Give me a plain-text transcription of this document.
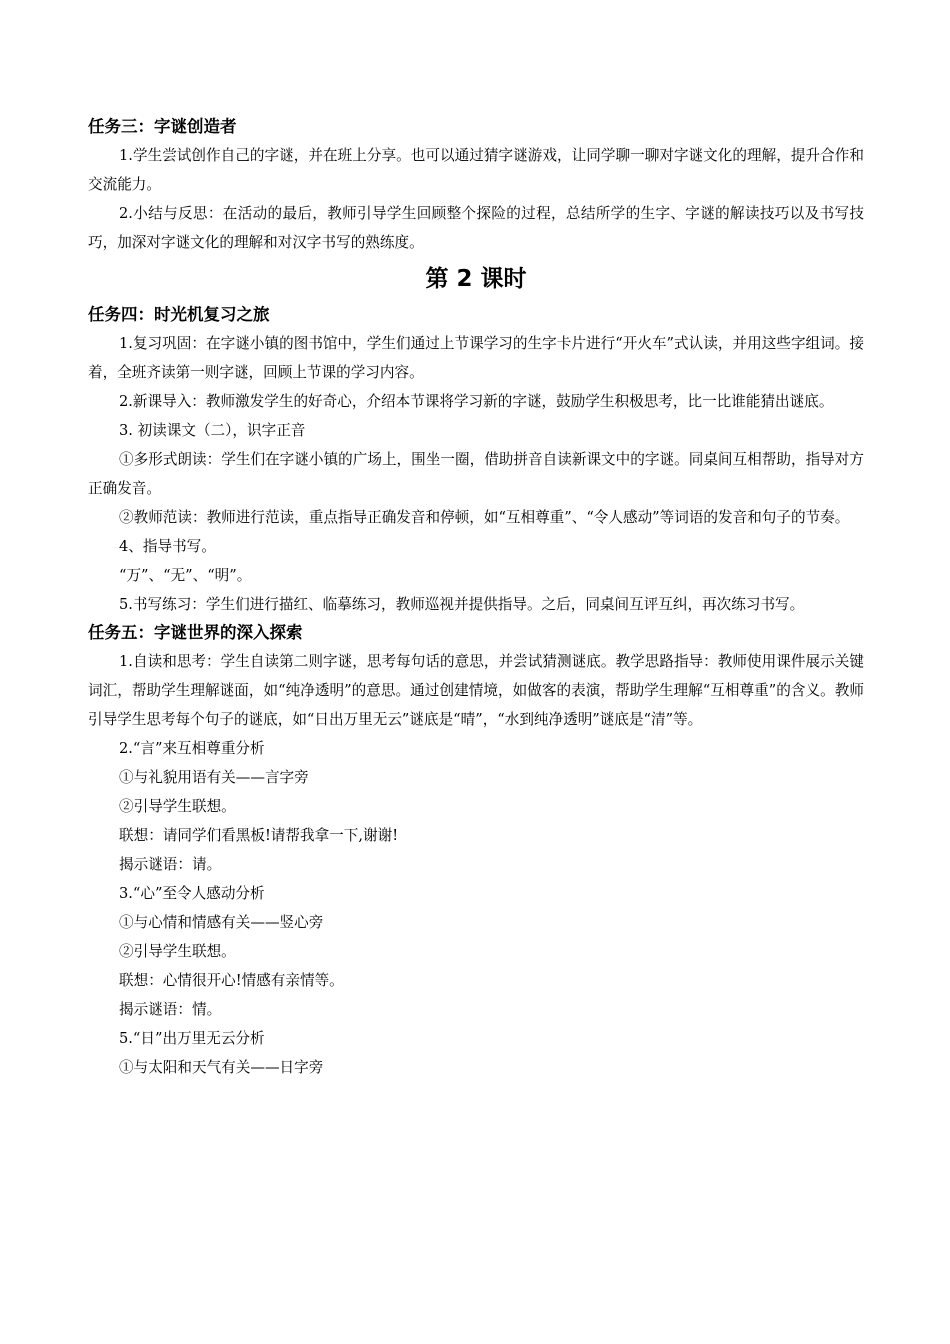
任务三：字谜创造者

1.学生尝试创作自己的字谜，并在班上分享。也可以通过猜字谜游戏，让同学聊一聊对字谜文化的理解，提升合作和交流能力。

2.小结与反思：在活动的最后，教师引导学生回顾整个探险的过程，总结所学的生字、字谜的解读技巧以及书写技巧，加深对字谜文化的理解和对汉字书写的熟练度。

第 2 课时
任务四：时光机复习之旅

1.复习巩固：在字谜小镇的图书馆中，学生们通过上节课学习的生字卡片进行“开火车”式认读，并用这些字组词。接着，全班齐读第一则字谜，回顾上节课的学习内容。

2.新课导入：教师激发学生的好奇心，介绍本节课将学习新的字谜，鼓励学生积极思考，比一比谁能猜出谜底。

3. 初读课文（二），识字正音

①多形式朗读：学生们在字谜小镇的广场上，围坐一圈，借助拼音自读新课文中的字谜。同桌间互相帮助，指导对方正确发音。

②教师范读：教师进行范读，重点指导正确发音和停顿，如“互相尊重”、“令人感动”等词语的发音和句子的节奏。

4、指导书写。

“万”、“无”、“明”。

5.书写练习：学生们进行描红、临摹练习，教师巡视并提供指导。之后，同桌间互评互纠，再次练习书写。

任务五：字谜世界的深入探索

1.自读和思考：学生自读第二则字谜，思考每句话的意思，并尝试猜测谜底。教学思路指导：教师使用课件展示关键词汇，帮助学生理解谜面，如“纯净透明”的意思。通过创建情境，如做客的表演，帮助学生理解“互相尊重”的含义。教师引导学生思考每个句子的谜底，如“日出万里无云”谜底是“晴”，“水到纯净透明”谜底是“清”等。

2.“言”来互相尊重分析

①与礼貌用语有关——言字旁

②引导学生联想。

联想：请同学们看黑板!请帮我拿一下,谢谢!

揭示谜语：请。

3.“心”至令人感动分析

①与心情和情感有关——竖心旁

②引导学生联想。

联想：心情很开心!情感有亲情等。

揭示谜语：情。

5.“日”出万里无云分析

①与太阳和天气有关——日字旁
